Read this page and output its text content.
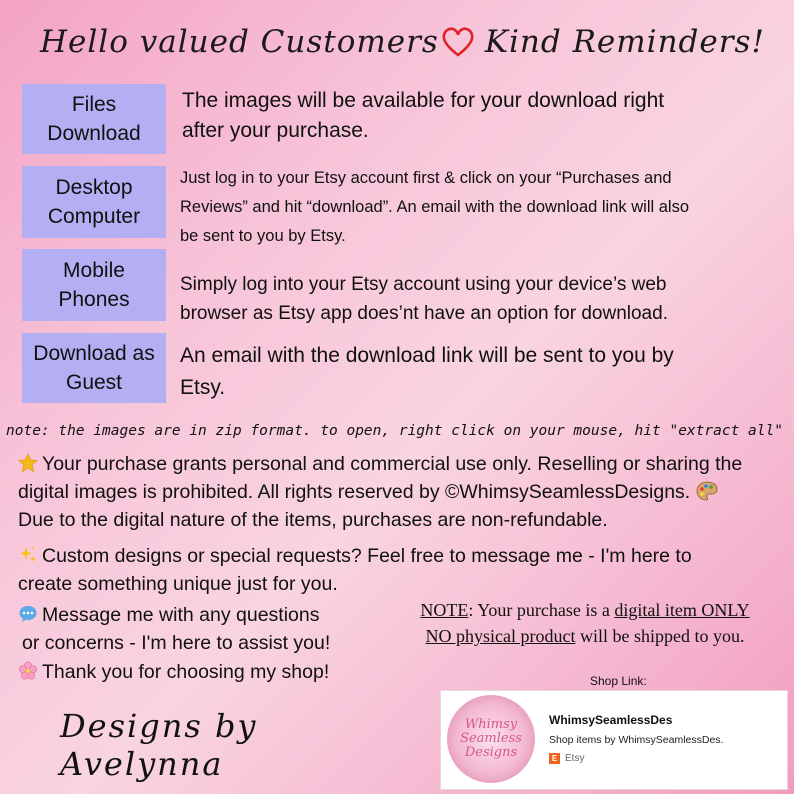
Hello valued Customers Kind Reminders!
Files
Download
The images will be available for your download right
after your purchase.
Desktop
Computer
Just log in to your Etsy account first & click on your “Purchases and
Reviews” and hit “download”. An email with the download link will also
be sent to you by Etsy.
Mobile
Phones
Simply log into your Etsy account using your device’s web
browser as Etsy app does’nt have an option for download.
Download as
Guest
An email with the download link will be sent to you by
Etsy.
note: the images are in zip format. to open, right click on your mouse, hit "extract all"
Your purchase grants personal and commercial use only. Reselling or sharing the
digital images is prohibited. All rights reserved by ©WhimsySeamlessDesigns.
Due to the digital nature of the items, purchases are non-refundable.
Custom designs or special requests? Feel free to message me - I'm here to
create something unique just for you.
Message me with any questions
or concerns - I'm here to assist you!
Thank you for choosing my shop!
NOTE: Your purchase is a digital item ONLY
NO physical product will be shipped to you.
Designs by Avelynna
Shop Link:
Whimsy
Seamless
Designs
WhimsySeamlessDes
Shop items by WhimsySeamlessDes.
E Etsy
